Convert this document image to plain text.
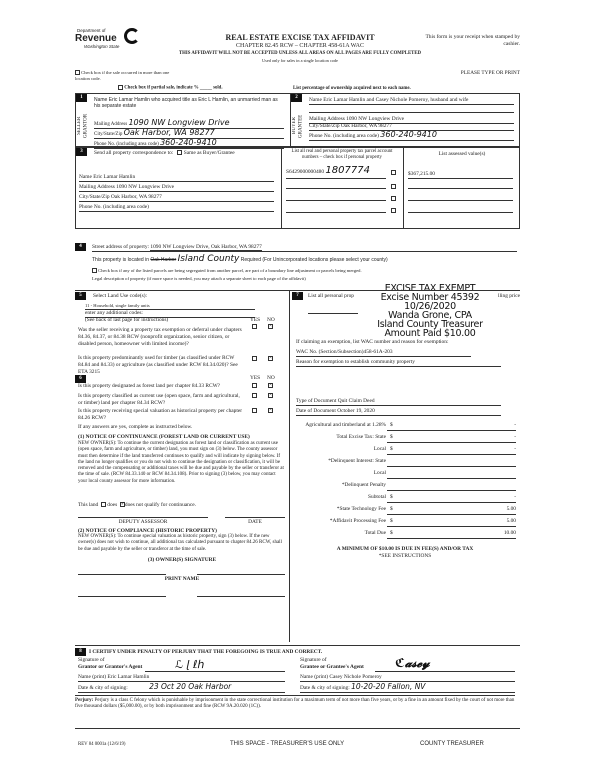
Department of
Revenue
Washington State
REAL ESTATE EXCISE TAX AFFIDAVIT
CHAPTER 82.45 RCW – CHAPTER 458-61A WAC
THIS AFFIDAVIT WILL NOT BE ACCEPTED UNLESS ALL AREAS ON ALL PAGES ARE FULLY COMPLETED
Used only for sales in a single location code
This form is your receipt when stamped by cashier.
PLEASE TYPE OR PRINT
Check box if the sale occurred in more than one location code.
Check box if partial sale, indicate % _____ sold.	List percentage of ownership acquired next to each name.
1
SELLER GRANTOR
Name Eric Lamar Hamlin who acquired title as Eric L Hamlin, an unmarried man as his separate estate
Mailing Address 1090 NW Longview Drive
City/State/Zip Oak Harbor, WA 98277
Phone No. (including area code) 360-240-9410
2
BUYER GRANTEE
Name Eric Lamar Hamlin and Casey Nichole Pomeroy, husband and wife
Mailing Address 1090 NW Longview Drive
City/State/Zip Oak Harbor, WA 98277
Phone No. (including area code) 360-240-9410
3	Send all property correspondence to: Same as Buyer/Grantee
Name Eric Lamar Hamlin
Mailing Address 1090 NW Longview Drive
City/State/Zip Oak Harbor, WA 98277
Phone No. (including area code)
List all real and personal property tax parcel account numbers – check box if personal property
S6429000000480 1807774
List assessed value(s)
$367,215.00
4	Street address of property: 1090 NW Longview Drive, Oak Harbor, WA 98277
This property is located in Oak Harbor Island County Required (For Unincorporated locations please select your county)
Check box if any of the listed parcels are being segregated from another parcel, are part of a boundary line adjustment or parcels being merged.
Legal description of property (if more space is needed, you may attach a separate sheet to each page of the affidavit)
EXCISE TAX EXEMPT
Excise Number 45392
10/26/2020
Wanda Grone, CPA
Island County Treasurer
Amount Paid $10.00
5	Select Land Use code(s):
11 - Household, single family units
enter any additional codes:
(See back of last page for instructions)	YES NO
Was the seller receiving a property tax exemption or deferral under chapters 84.36, 84.37, or 84.38 RCW (nonprofit organization, senior citizen, or disabled person, homeowner with limited income)?
×
Is this property predominantly used for timber (as classified under RCW 84.84 and 84.33) or agriculture (as classified under RCW 84.34.020)? See ETA 3215
×
6	YES NO
Is this property designated as forest land per chapter 84.33 RCW?	×
Is this property classified as current use (open space, farm and agricultural, or timber) land per chapter 84.34 RCW?
×
Is this property receiving special valuation as historical property per chapter 84.26 RCW?
×
If any answers are yes, complete as instructed below.
(1) NOTICE OF CONTINUANCE (FOREST LAND OR CURRENT USE)
NEW OWNER(S): To continue the current designation as forest land or classification as current use (open space, farm and agriculture, or timber) land, you must sign on (3) below. The county assessor must then determine if the land transferred continues to qualify and will indicate by signing below. If the land no longer qualifies or you do not wish to continue the designation or classification, it will be removed and the compensating or additional taxes will be due and payable by the seller or transferor at the time of sale. (RCW 84.33.140 or RCW 84.34.108). Prior to signing (3) below, you may contact your local county assessor for more information.
This land does ✓does not qualify for continuance.
DEPUTY ASSESSOR	DATE
(2) NOTICE OF COMPLIANCE (HISTORIC PROPERTY)
NEW OWNER(S): To continue special valuation as historic property, sign (3) below. If the new owner(s) does not wish to continue, all additional tax calculated pursuant to chapter 84.26 RCW, shall be due and payable by the seller or transferor at the time of sale.
(3) OWNER(S) SIGNATURE
PRINT NAME
7	List all personal prop	lling price
If claiming an exemption, list WAC number and reason for exemption:
WAC No. (Section/Subsection)458-61A-203
Reason for exemption to establish community property
Type of Document Quit Claim Deed
Date of Document October 19, 2020
Agricultural and timberland at 1.28% $	-
Total Excise Tax: State $	-
Local $	-
*Delinquent Interest: State
Local
*Delinquent Penalty
Subtotal $	-
*State Technology Fee $	5.00
*Affidavit Processing Fee $	5.00
Total Due $	10.00
A MINIMUM OF $10.00 IS DUE IN FEE(S) AND/OR TAX
*SEE INSTRUCTIONS
8	I CERTIFY UNDER PENALTY OF PERJURY THAT THE FOREGOING IS TRUE AND CORRECT.
Signature of
Grantor or Grantor's Agent	ℒ ɭ ℓℎ
Name (print) Eric Lamar Hamlin
Date & city of signing:	23 Oct 20 Oak Harbor
Signature of
Grantee or Grantee's Agent	ℭ𝓪𝓼𝓮𝔂
Name (print) Casey Nichole Pomeroy
Date & city of signing: 10-20-20 Fallon, NV
Perjury: Perjury is a class C felony which is punishable by imprisonment in the state correctional institution for a maximum term of not more than five years, or by a fine in an amount fixed by the court of not more than five thousand dollars ($5,000.00), or by both imprisonment and fine (RCW 9A.20.020 (1C)).
REV 84 0001a (12/6/19)	THIS SPACE - TREASURER'S USE ONLY	COUNTY TREASURER
